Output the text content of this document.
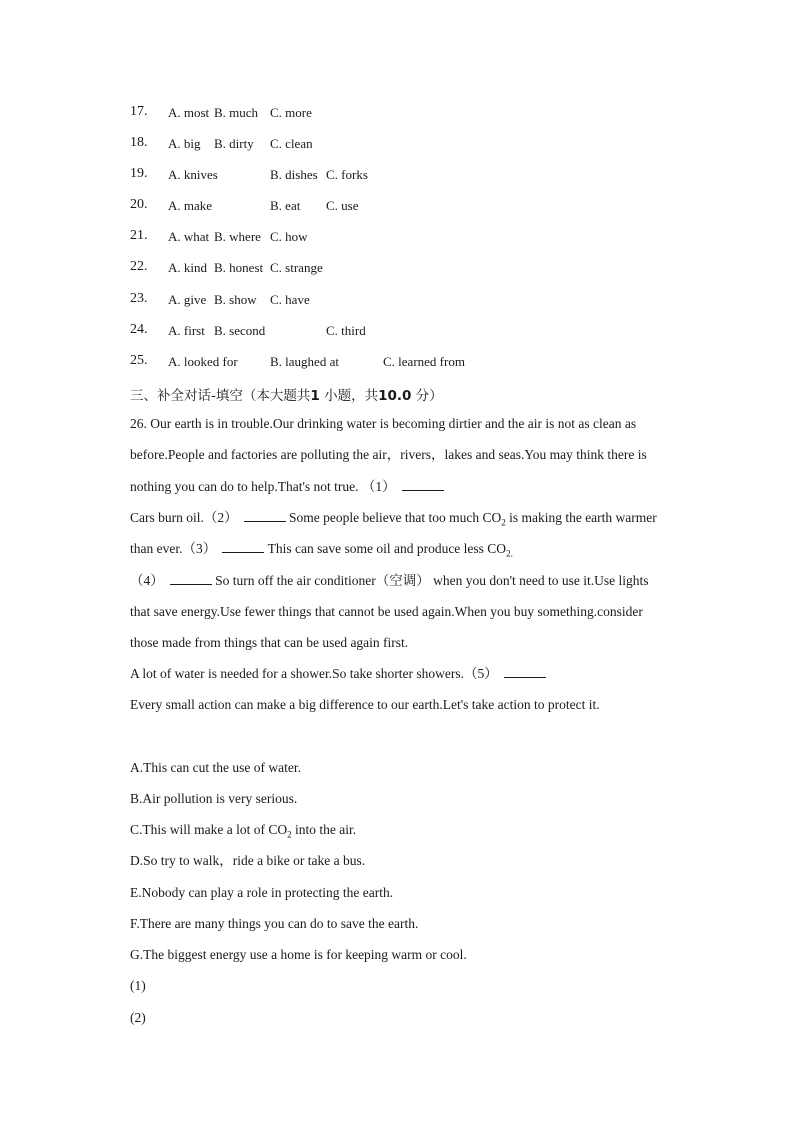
17. A. most B. much C. more
18. A. big B. dirty C. clean
19. A. knives	B. dishes C. forks
20. A. make	B. eat C. use
21. A. what B. where C. how
22. A. kind B. honest C. strange
23. A. give B. show C. have
24. A. first B. second	C. third
25. A. looked for B. laughed at	C. learned from
三、补全对话-填空（本大题共1 小题，共10.0 分）
26. Our earth is in trouble.Our drinking water is becoming dirtier and the air is not as clean as
before.People and factories are polluting the air，rivers，lakes and seas.You may think there is
nothing you can do to help.That's not true. （1）
Cars burn oil.（2）	Some people believe that too much $CO_2$ is making the earth warmer
than ever.（3）	This can save some oil and produce less $CO_{2.}$
（4）	So turn off the air conditioner（空调） when you don't need to use it.Use lights
that save energy.Use fewer things that cannot be used again.When you buy something.consider
those made from things that can be used again first.
A lot of water is needed for a shower.So take shorter showers.（5）
Every small action can make a big difference to our earth.Let's take action to protect it.
A.This can cut the use of water.
B.Air pollution is very serious.
C.This will make a lot of $CO_2$ into the air.
D.So try to walk，ride a bike or take a bus.
E.Nobody can play a role in protecting the earth.
F.There are many things you can do to save the earth.
G.The biggest energy use a home is for keeping warm or cool.
(1)
(2)
